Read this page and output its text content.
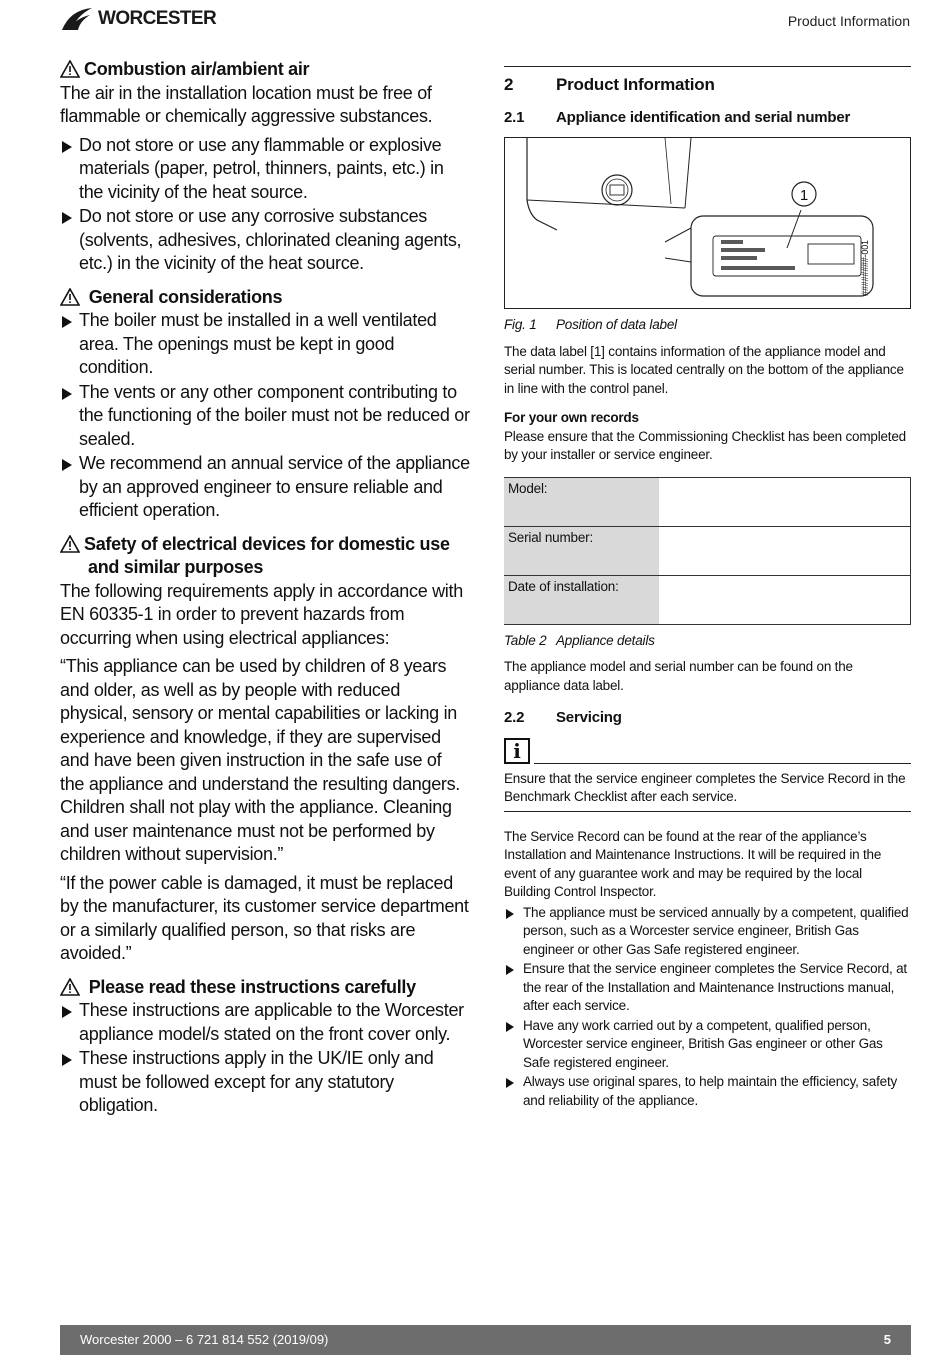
WORCESTER	Product Information
Combustion air/ambient air

The air in the installation location must be free of flammable or chemically aggressive substances.

Do not store or use any flammable or explosive materials (paper, petrol, thinners, paints, etc.) in the vicinity of the heat source.
Do not store or use any corrosive substances (solvents, adhesives, chlorinated cleaning agents, etc.) in the vicinity of the heat source.
General considerations
The boiler must be installed in a well ventilated area. The openings must be kept in good condition.
The vents or any other component contributing to the functioning of the boiler must not be reduced or sealed.
We recommend an annual service of the appliance by an approved engineer to ensure reliable and efficient operation.
Safety of electrical devices for domestic use and similar purposes

The following requirements apply in accordance with EN 60335-1 in order to prevent hazards from occurring when using electrical appliances:

“This appliance can be used by children of 8 years and older, as well as by people with reduced physical, sensory or mental capabilities or lacking in experience and knowledge, if they are supervised and have been given instruction in the safe use of the appliance and understand the resulting dangers. Children shall not play with the appliance. Cleaning and user maintenance must not be performed by children without supervision.”

“If the power cable is damaged, it must be replaced by the manufacturer, its customer service department or a similarly qualified person, so that risks are avoided.”

Please read these instructions carefully
These instructions are applicable to the Worcester appliance model/s stated on the front cover only.
These instructions apply in the UK/IE only and must be followed except for any statutory obligation.
2	Product Information
2.1	Appliance identification and serial number
1
########-001
Fig. 1	Position of data label

The data label [1] contains information of the appliance model and serial number. This is located centrally on the bottom of the appliance in line with the control panel.

For your own records
Please ensure that the Commissioning Checklist has been completed by your installer or service engineer.
Model:	
Serial number:	
Date of installation:	
Table 2 Appliance details

The appliance model and serial number can be found on the appliance data label.

2.2	Servicing
i
Ensure that the service engineer completes the Service Record in the Benchmark Checklist after each service.

The Service Record can be found at the rear of the appliance’s Installation and Maintenance Instructions. It will be required in the event of any guarantee work and may be required by the local Building Control Inspector.

The appliance must be serviced annually by a competent, qualified person, such as a Worcester service engineer, British Gas engineer or other Gas Safe registered engineer.
Ensure that the service engineer completes the Service Record, at the rear of the Installation and Maintenance Instructions manual, after each service.
Have any work carried out by a competent, qualified person, Worcester service engineer, British Gas engineer or other Gas Safe registered engineer.
Always use original spares, to help maintain the efficiency, safety and reliability of the appliance.
Worcester 2000 – 6 721 814 552 (2019/09)	5
